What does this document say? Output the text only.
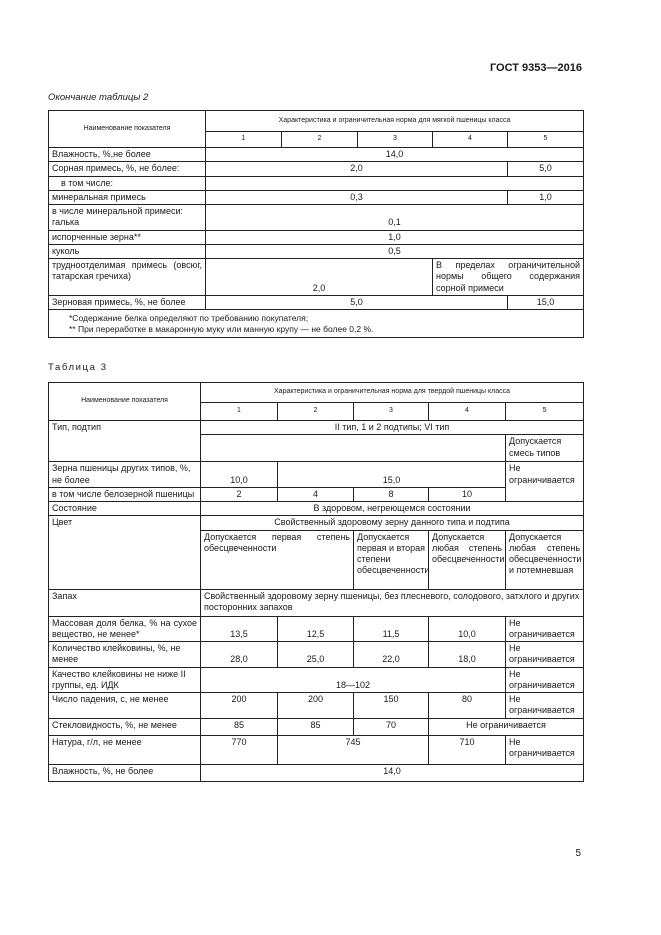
ГОСТ 9353—2016
Окончание таблицы 2
Наименование показателя	Характеристика и ограничительная норма для мягкой пшеницы класса				
	1	2	3	4	5
Влажность, %,не более	14,0				
Сорная примесь, %, не более:	2,0				5,0
в том числе:					
минеральная примесь	0,3				1,0
в числе минеральной примеси: галька	0,1				
испорченные зерна**	1,0				
куколь	0,5				
трудноотделимая примесь (овсюг, татарская гречиха)	2,0			В пределах ограничительной нормы общего содержания сорной примеси	
Зерновая примесь, %, не более	5,0				15,0

*Содержание белка определяют по требованию покупателя;
** При переработке в макаронную муку или манную крупу — не более 0,2 %.					
Таблица 3
Наименование показателя	Характеристика и ограничительная норма для твердой пшеницы класса				
	1	2	3	4	5
Тип, подтип	II тип, 1 и 2 подтипы; VI тип				
					Допускается смесь типов
Зерна пшеницы других типов, %, не более	10,0	15,0			Не ограничивается
в том числе белозерной пшеницы	2	4	8	10	
Состояние	В здоровом, негреющемся состоянии				
Цвет	Свойственный здоровому зерну данного типа и подтипа				
	Допускается первая степень обесцвеченности		Допускается первая и вторая степени обесцвеченности	Допускается любая степень обесцвеченности	Допускается любая степень обесцвеченности и потемневшая
Запах	Свойственный здоровому зерну пшеницы, без плесневого, солодового, затхлого и других посторонних запахов				
Массовая доля белка, % на сухое вещество, не менее*	13,5	12,5	11,5	10,0	Не ограничивается
Количество клейковины, %, не менее	28,0	25,0	22,0	18,0	Не ограничивается
Качество клейковины не ниже II группы, ед. ИДК	18—102				Не ограничивается
Число падения, с, не менее	200	200	150	80	Не ограничивается
Стекловидность, %, не менее	85	85	70	Не ограничивается	
Натура, г/л, не менее	770	745		710	Не ограничивается
Влажность, %, не более	14,0				
5
